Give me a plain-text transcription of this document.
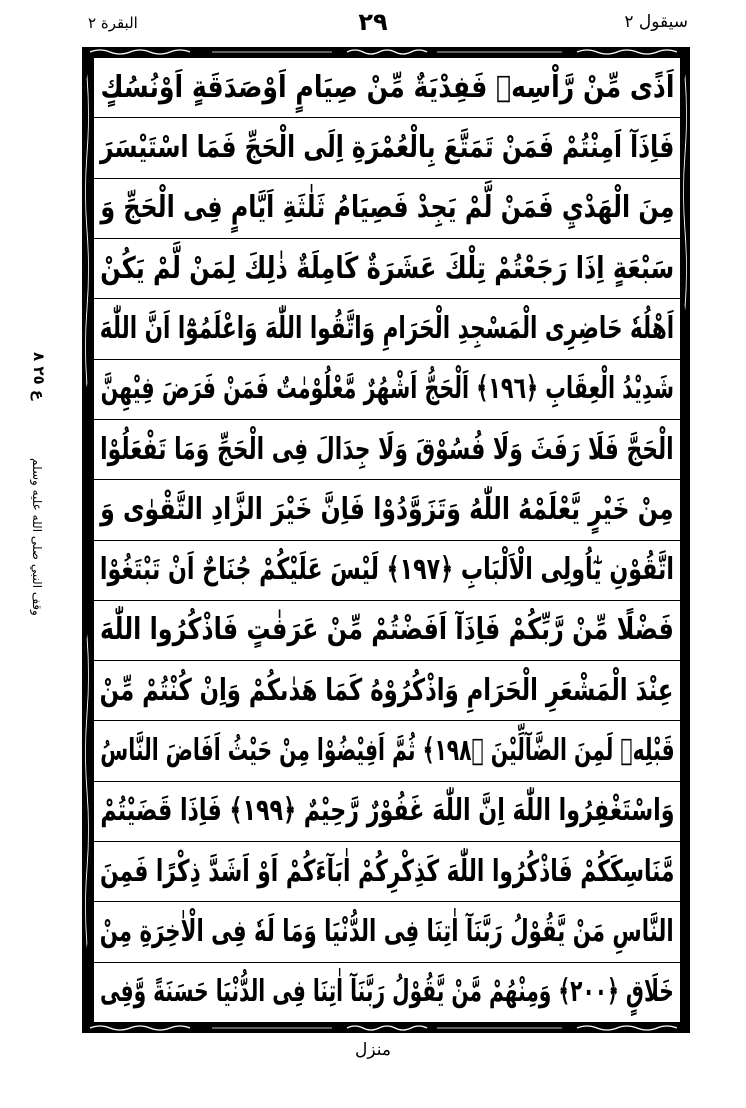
البقرة ٢	٢٩	سيقول ٢
اَذًى مِّنْ رَّاْسِهٖ فَفِدْيَةٌ مِّنْ صِيَامٍ اَوْصَدَقَةٍ اَوْنُسُكٍ
فَاِذَآ اَمِنْتُمْ فَمَنْ تَمَتَّعَ بِالْعُمْرَةِ اِلَى الْحَجِّ فَمَا اسْتَيْسَرَ
مِنَ الْهَدْيِ فَمَنْ لَّمْ يَجِدْ فَصِيَامُ ثَلٰثَةِ اَيَّامٍ فِى الْحَجِّ وَ
سَبْعَةٍ اِذَا رَجَعْتُمْ تِلْكَ عَشَرَةٌ كَامِلَةٌ ذٰلِكَ لِمَنْ لَّمْ يَكُنْ
اَهْلُهٗ حَاضِرِى الْمَسْجِدِ الْحَرَامِ وَاتَّقُوا اللّٰهَ وَاعْلَمُوْٓا اَنَّ اللّٰهَ
شَدِيْدُ الْعِقَابِ ﴿١٩٦﴾ اَلْحَجُّ اَشْهُرٌ مَّعْلُوْمٰتٌ فَمَنْ فَرَضَ فِيْهِنَّ
الْحَجَّ فَلَا رَفَثَ وَلَا فُسُوْقَ وَلَا جِدَالَ فِى الْحَجِّ وَمَا تَفْعَلُوْا
مِنْ خَيْرٍ يَّعْلَمْهُ اللّٰهُ وَتَزَوَّدُوْا فَاِنَّ خَيْرَ الزَّادِ التَّقْوٰى وَ
اتَّقُوْنِ يٰٓاُولِى الْاَلْبَابِ ﴿١٩٧﴾ لَيْسَ عَلَيْكُمْ جُنَاحٌ اَنْ تَبْتَغُوْا
فَضْلًا مِّنْ رَّبِّكُمْ فَاِذَآ اَفَضْتُمْ مِّنْ عَرَفٰتٍ فَاذْكُرُوا اللّٰهَ
عِنْدَ الْمَشْعَرِ الْحَرَامِ وَاذْكُرُوْهُ كَمَا هَدٰىكُمْ وَاِنْ كُنْتُمْ مِّنْ
قَبْلِهٖ لَمِنَ الضَّآلِّيْنَ ﴿١٩٨﴾ ثُمَّ اَفِيْضُوْا مِنْ حَيْثُ اَفَاضَ النَّاسُ
وَاسْتَغْفِرُوا اللّٰهَ اِنَّ اللّٰهَ غَفُوْرٌ رَّحِيْمٌ ﴿١٩٩﴾ فَاِذَا قَضَيْتُمْ
مَّنَاسِكَكُمْ فَاذْكُرُوا اللّٰهَ كَذِكْرِكُمْ اٰبَآءَكُمْ اَوْ اَشَدَّ ذِكْرًا فَمِنَ
النَّاسِ مَنْ يَّقُوْلُ رَبَّنَآ اٰتِنَا فِى الدُّنْيَا وَمَا لَهٗ فِى الْاٰخِرَةِ مِنْ
خَلَاقٍ ﴿٢٠٠﴾ وَمِنْهُمْ مَّنْ يَّقُوْلُ رَبَّنَآ اٰتِنَا فِى الدُّنْيَا حَسَنَةً وَّفِى
ع ٢٥ ٨
وقف النبي صلى الله عليه وسلم
منزل
